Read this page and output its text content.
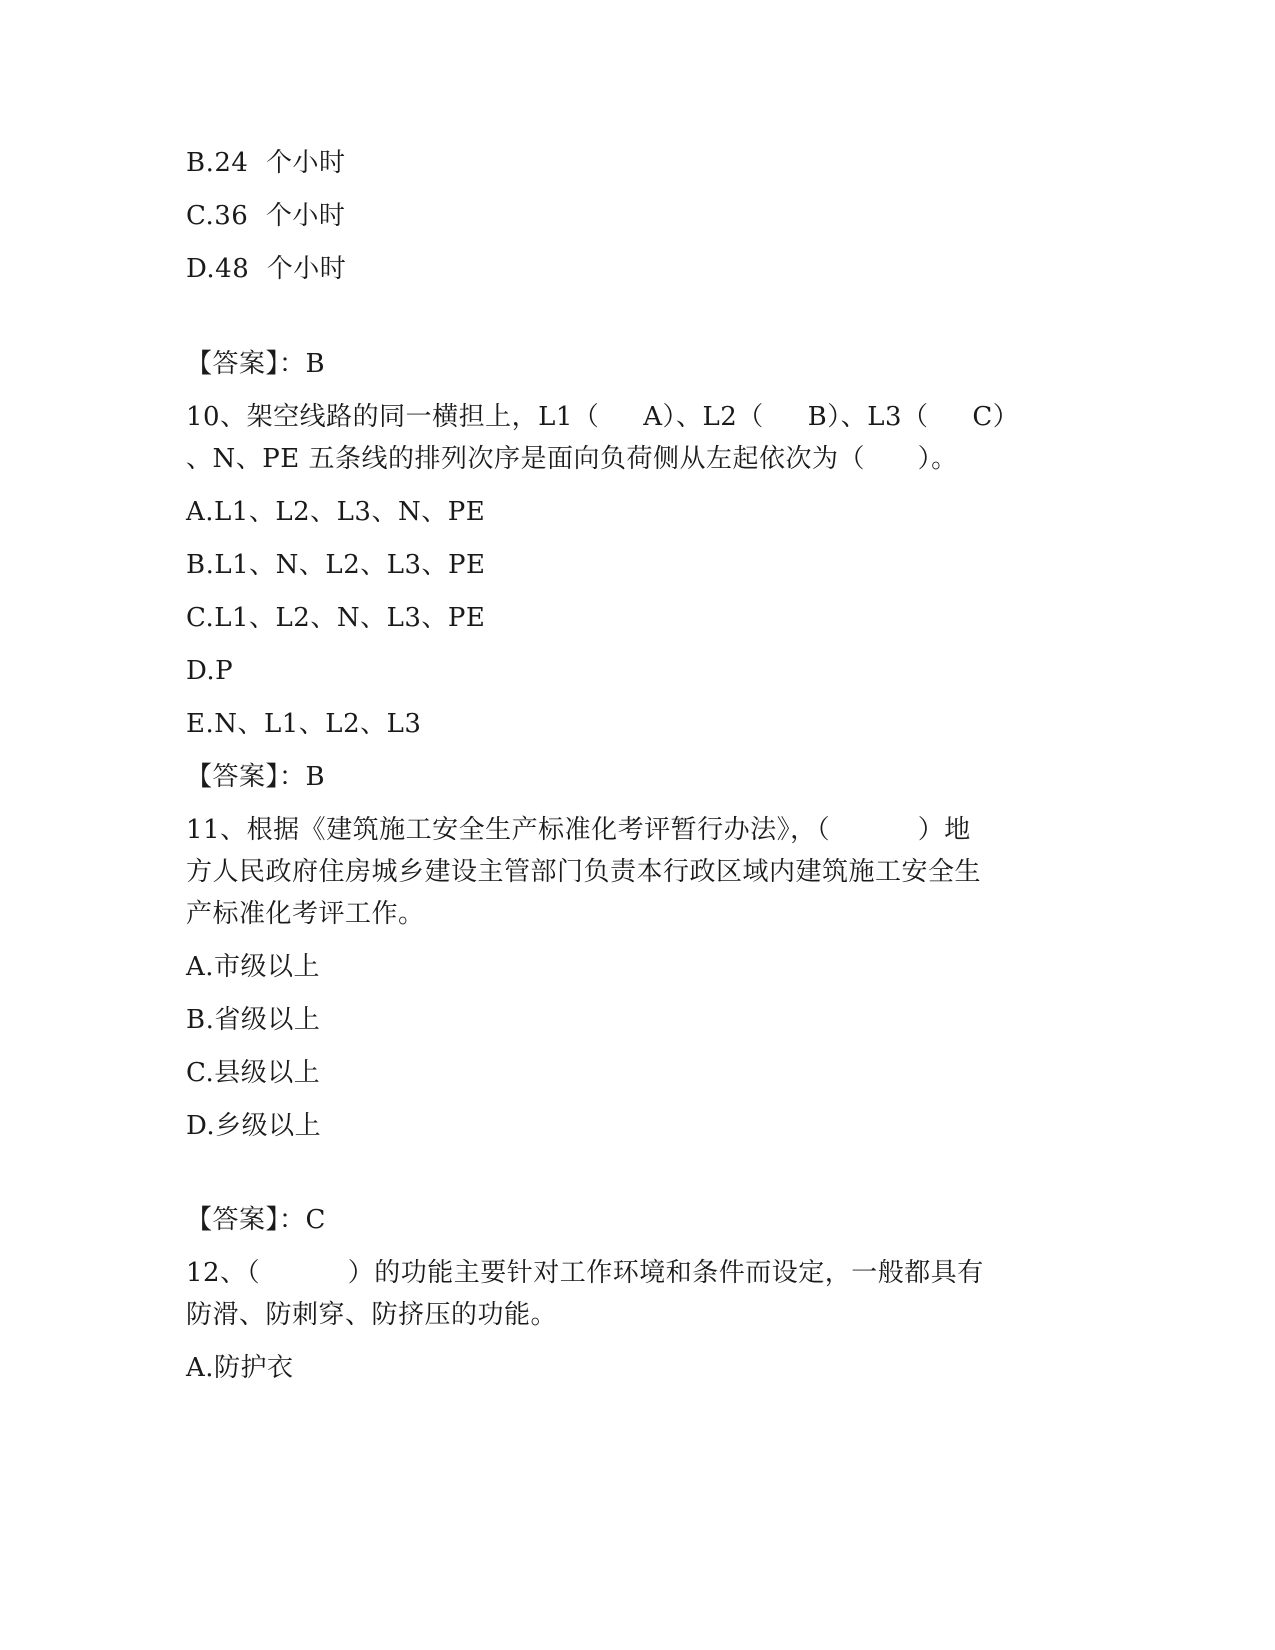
B.24  个小时
C.36  个小时
D.48  个小时
【答案】：B
10、架空线路的同一横担上，L1（     A）、L2（     B）、L3（     C）
、N、PE 五条线的排列次序是面向负荷侧从左起依次为（      ）。
A.L1、L2、L3、N、PE
B.L1、N、L2、L3、PE
C.L1、L2、N、L3、PE
D.P
E.N、L1、L2、L3
【答案】：B
11、根据《建筑施工安全生产标准化考评暂行办法》，（          ）地
方人民政府住房城乡建设主管部门负责本行政区域内建筑施工安全生
产标准化考评工作。
A.市级以上
B.省级以上
C.县级以上
D.乡级以上
【答案】：C
12、（          ）的功能主要针对工作环境和条件而设定，一般都具有
防滑、防刺穿、防挤压的功能。
A.防护衣
